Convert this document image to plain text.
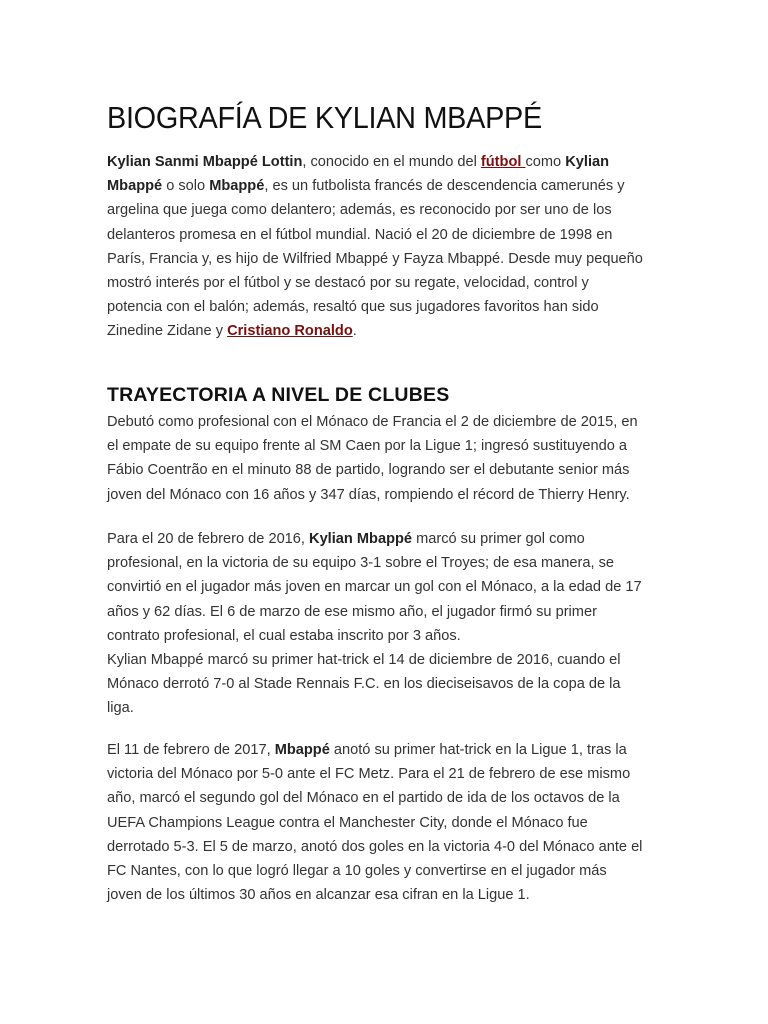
BIOGRAFÍA DE KYLIAN MBAPPÉ

Kylian Sanmi Mbappé Lottin, conocido en el mundo del fútbol como Kylian
Mbappé o solo Mbappé, es un futbolista francés de descendencia camerunés y
argelina que juega como delantero; además, es reconocido por ser uno de los
delanteros promesa en el fútbol mundial. Nació el 20 de diciembre de 1998 en
París, Francia y, es hijo de Wilfried Mbappé y Fayza Mbappé. Desde muy pequeño
mostró interés por el fútbol y se destacó por su regate, velocidad, control y
potencia con el balón; además, resaltó que sus jugadores favoritos han sido
Zinedine Zidane y Cristiano Ronaldo.

TRAYECTORIA A NIVEL DE CLUBES

Debutó como profesional con el Mónaco de Francia el 2 de diciembre de 2015, en
el empate de su equipo frente al SM Caen por la Ligue 1; ingresó sustituyendo a
Fábio Coentrão en el minuto 88 de partido, logrando ser el debutante senior más
joven del Mónaco con 16 años y 347 días, rompiendo el récord de Thierry Henry.

Para el 20 de febrero de 2016, Kylian Mbappé marcó su primer gol como
profesional, en la victoria de su equipo 3-1 sobre el Troyes; de esa manera, se
convirtió en el jugador más joven en marcar un gol con el Mónaco, a la edad de 17
años y 62 días. El 6 de marzo de ese mismo año, el jugador firmó su primer
contrato profesional, el cual estaba inscrito por 3 años.
Kylian Mbappé marcó su primer hat-trick el 14 de diciembre de 2016, cuando el
Mónaco derrotó 7-0 al Stade Rennais F.C. en los dieciseisavos de la copa de la
liga.

El 11 de febrero de 2017, Mbappé anotó su primer hat-trick en la Ligue 1, tras la
victoria del Mónaco por 5-0 ante el FC Metz. Para el 21 de febrero de ese mismo
año, marcó el segundo gol del Mónaco en el partido de ida de los octavos de la
UEFA Champions League contra el Manchester City, donde el Mónaco fue
derrotado 5-3. El 5 de marzo, anotó dos goles en la victoria 4-0 del Mónaco ante el
FC Nantes, con lo que logró llegar a 10 goles y convertirse en el jugador más
joven de los últimos 30 años en alcanzar esa cifran en la Ligue 1.
